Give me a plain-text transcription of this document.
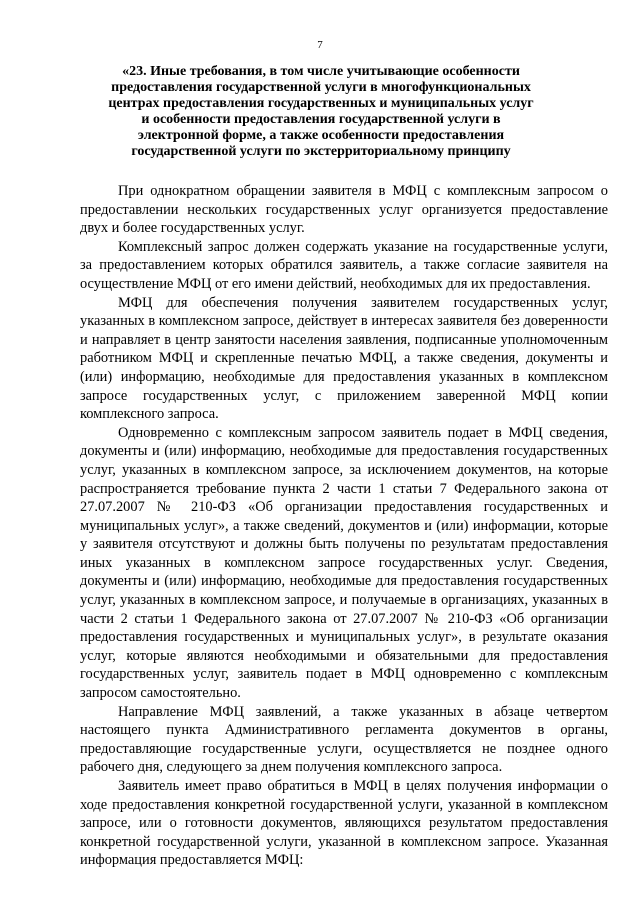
7
«23. Иные требования, в том числе учитывающие особенности предоставления государственной услуги в многофункциональных центрах предоставления государственных и муниципальных услуг и особенности предоставления государственной услуги в электронной форме, а также особенности предоставления государственной услуги по экстерриториальному принципу

При однократном обращении заявителя в МФЦ с комплексным запросом о предоставлении нескольких государственных услуг организуется предоставление двух и более государственных услуг.

Комплексный запрос должен содержать указание на государственные услуги, за предоставлением которых обратился заявитель, а также согласие заявителя на осуществление МФЦ от его имени действий, необходимых для их предоставления.

МФЦ для обеспечения получения заявителем государственных услуг, указанных в комплексном запросе, действует в интересах заявителя без доверенности и направляет в центр занятости населения заявления, подписанные уполномоченным работником МФЦ и скрепленные печатью МФЦ, а также сведения, документы и (или) информацию, необходимые для предоставления указанных в комплексном запросе государственных услуг, с приложением заверенной МФЦ копии комплексного запроса.

Одновременно с комплексным запросом заявитель подает в МФЦ сведения, документы и (или) информацию, необходимые для предоставления государственных услуг, указанных в комплексном запросе, за исключением документов, на которые распространяется требование пункта 2 части 1 статьи 7 Федерального закона от 27.07.2007 № 210-ФЗ «Об организации предоставления государственных и муниципальных услуг», а также сведений, документов и (или) информации, которые у заявителя отсутствуют и должны быть получены по результатам предоставления иных указанных в комплексном запросе государственных услуг. Сведения, документы и (или) информацию, необходимые для предоставления государственных услуг, указанных в комплексном запросе, и получаемые в организациях, указанных в части 2 статьи 1 Федерального закона от 27.07.2007 № 210-ФЗ «Об организации предоставления государственных и муниципальных услуг», в результате оказания услуг, которые являются необходимыми и обязательными для предоставления государственных услуг, заявитель подает в МФЦ одновременно с комплексным запросом самостоятельно.

Направление МФЦ заявлений, а также указанных в абзаце четвертом настоящего пункта Административного регламента документов в органы, предоставляющие государственные услуги, осуществляется не позднее одного рабочего дня, следующего за днем получения комплексного запроса.

Заявитель имеет право обратиться в МФЦ в целях получения информации о ходе предоставления конкретной государственной услуги, указанной в комплексном запросе, или о готовности документов, являющихся результатом предоставления конкретной государственной услуги, указанной в комплексном запросе. Указанная информация предоставляется МФЦ:
